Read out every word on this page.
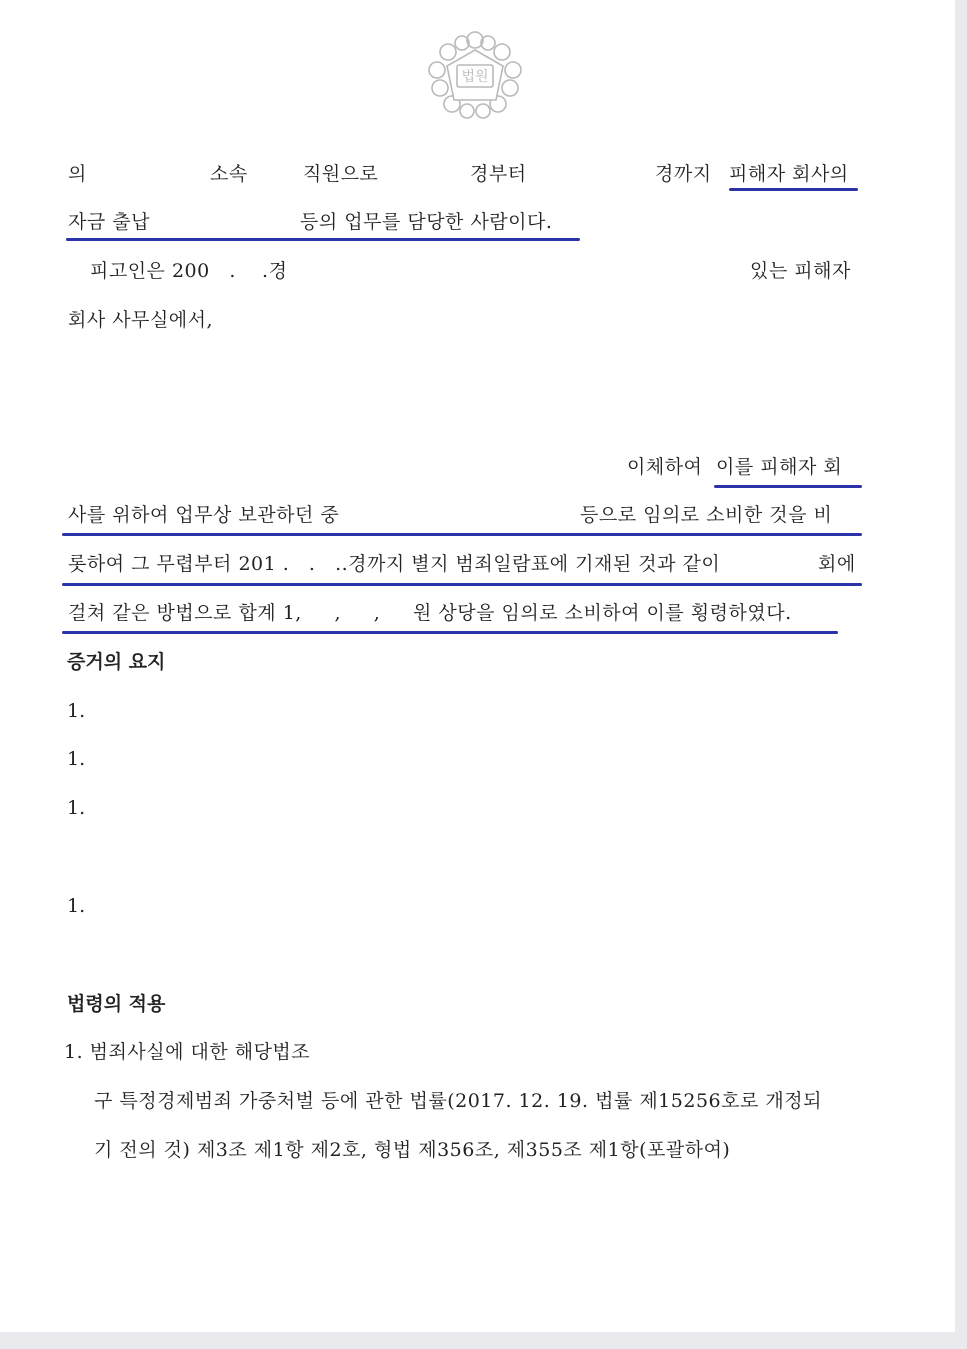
법원
의	소속	직원으로	경부터	경까지 피해자 회사의
자금 출납	등의 업무를 담당한 사람이다.
피고인은 200   .    .경	있는 피해자
회사 사무실에서,
이체하여 이를 피해자 회
사를 위하여 업무상 보관하던 중	등으로 임의로 소비한 것을 비
롯하여 그 무렵부터 201 .   .   ..경까지 별지 범죄일람표에 기재된 것과 같이	회에
걸쳐 같은 방법으로 합계 1,     ,     ,     원 상당을 임의로 소비하여 이를 횡령하였다.
증거의 요지
1.
1.
1.
1.
법령의 적용
1. 범죄사실에 대한 해당법조
구 특정경제범죄 가중처벌 등에 관한 법률(2017. 12. 19. 법률 제15256호로 개정되
기 전의 것) 제3조 제1항 제2호, 형법 제356조, 제355조 제1항(포괄하여)
